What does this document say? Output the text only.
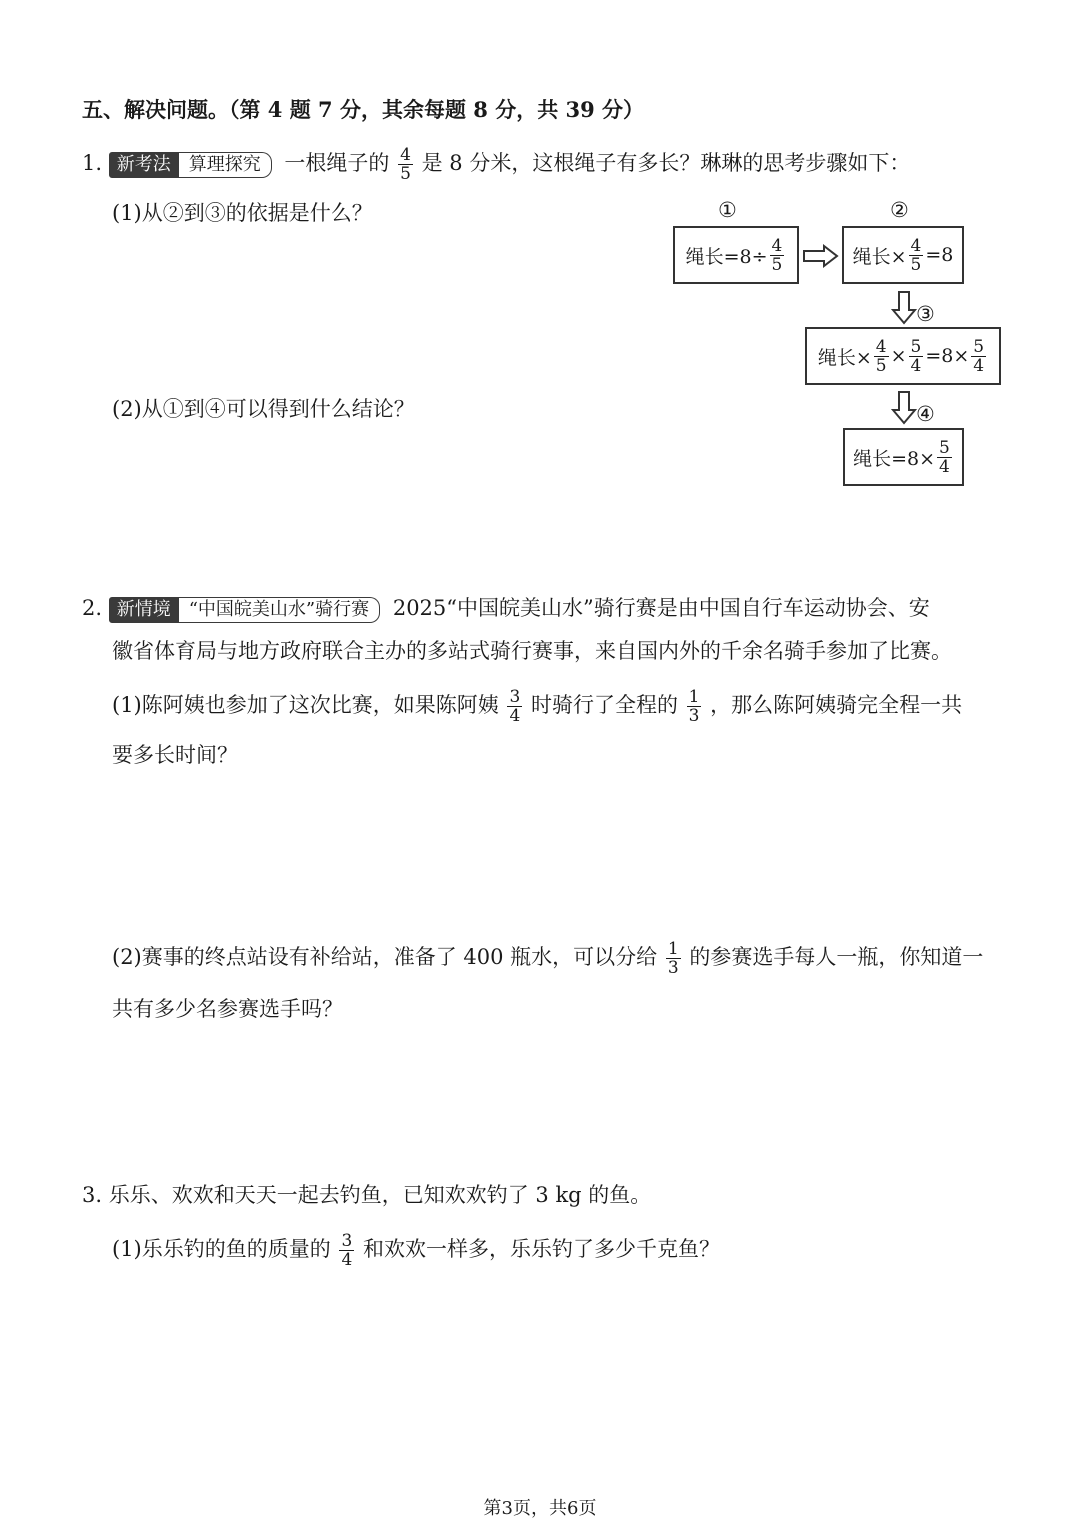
五、解决问题。（第 4 题 7 分，其余每题 8 分，共 39 分）
1. 新考法	算理探究	一根绳子的 $\frac{4}{5}$ 是 8 分米，这根绳子有多长？琳琳的思考步骤如下：
(1)从②到③的依据是什么？
(2)从①到④可以得到什么结论？
①	②
绳长$=8\div \frac{4}{5}$	绳长× $\frac{4}{5} =8$
③
绳长× $\frac{4}{5} \times \frac{5}{4} =8\times \frac{5}{4}$
④
绳长$=8\times \frac{5}{4}$
2. 新情境	“中国皖美山水”骑行赛	2025“中国皖美山水”骑行赛是由中国自行车运动协会、安
徽省体育局与地方政府联合主办的多站式骑行赛事，来自国内外的千余名骑手参加了比赛。
(1)陈阿姨也参加了这次比赛，如果陈阿姨 $\frac{3}{4}$ 时骑行了全程的 $\frac{1}{3}$ ，那么陈阿姨骑完全程一共
要多长时间？
(2)赛事的终点站设有补给站，准备了 400 瓶水，可以分给 $\frac{1}{3}$ 的参赛选手每人一瓶，你知道一
共有多少名参赛选手吗？
3. 乐乐、欢欢和天天一起去钓鱼，已知欢欢钓了 3 kg 的鱼。
(1)乐乐钓的鱼的质量的 $\frac{3}{4}$ 和欢欢一样多，乐乐钓了多少千克鱼？
第3页，共6页
